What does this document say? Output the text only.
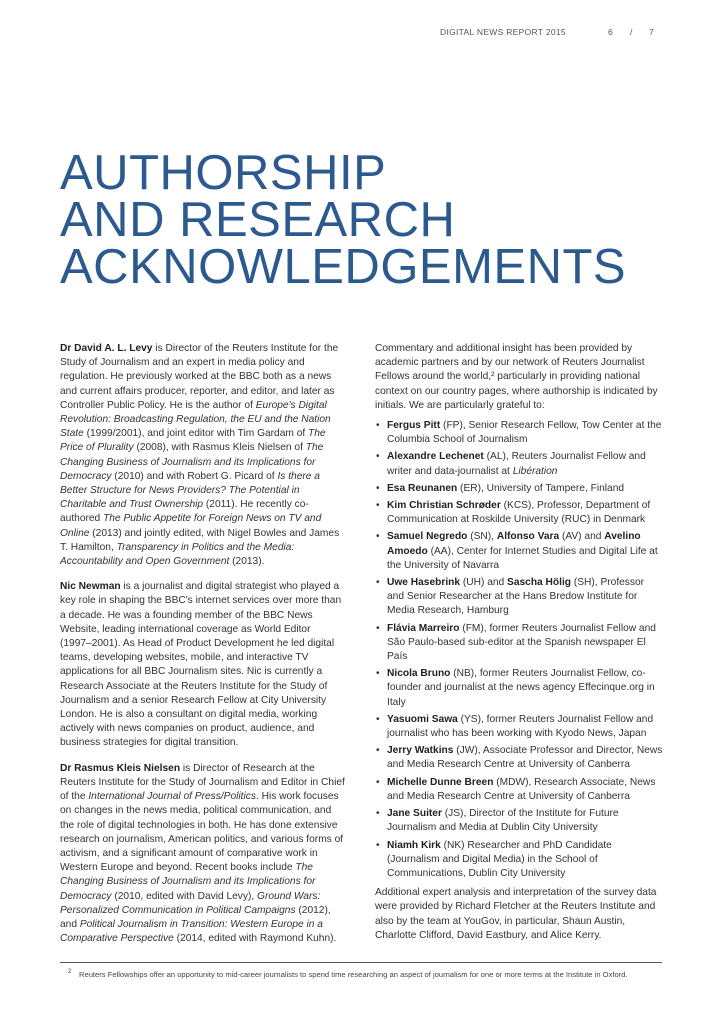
DIGITAL NEWS REPORT 2015	6 / 7
AUTHORSHIP
AND RESEARCH
ACKNOWLEDGEMENTS

Dr David A. L. Levy is Director of the Reuters Institute for the Study of Journalism and an expert in media policy and regulation. He previously worked at the BBC both as a news and current affairs producer, reporter, and editor, and later as Controller Public Policy. He is the author of Europe's Digital Revolution: Broadcasting Regulation, the EU and the Nation State (1999/2001), and joint editor with Tim Gardam of The Price of Plurality (2008), with Rasmus Kleis Nielsen of The Changing Business of Journalism and its Implications for Democracy (2010) and with Robert G. Picard of Is there a Better Structure for News Providers? The Potential in Charitable and Trust Ownership (2011). He recently co-authored The Public Appetite for Foreign News on TV and Online (2013) and jointly edited, with Nigel Bowles and James T. Hamilton, Transparency in Politics and the Media: Accountability and Open Government (2013).

Nic Newman is a journalist and digital strategist who played a key role in shaping the BBC's internet services over more than a decade. He was a founding member of the BBC News Website, leading international coverage as World Editor (1997–2001). As Head of Product Development he led digital teams, developing websites, mobile, and interactive TV applications for all BBC Journalism sites. Nic is currently a Research Associate at the Reuters Institute for the Study of Journalism and a senior Research Fellow at City University London. He is also a consultant on digital media, working actively with news companies on product, audience, and business strategies for digital transition.

Dr Rasmus Kleis Nielsen is Director of Research at the Reuters Institute for the Study of Journalism and Editor in Chief of the International Journal of Press/Politics. His work focuses on changes in the news media, political communication, and the role of digital technologies in both. He has done extensive research on journalism, American politics, and various forms of activism, and a significant amount of comparative work in Western Europe and beyond. Recent books include The Changing Business of Journalism and its Implications for Democracy (2010, edited with David Levy), Ground Wars: Personalized Communication in Political Campaigns (2012), and Political Journalism in Transition: Western Europe in a Comparative Perspective (2014, edited with Raymond Kuhn).

Commentary and additional insight has been provided by academic partners and by our network of Reuters Journalist Fellows around the world,² particularly in providing national context on our country pages, where authorship is indicated by initials. We are particularly grateful to:

• Fergus Pitt (FP), Senior Research Fellow, Tow Center at the Columbia School of Journalism
• Alexandre Lechenet (AL), Reuters Journalist Fellow and writer and data-journalist at Libération
• Esa Reunanen (ER), University of Tampere, Finland
• Kim Christian Schrøder (KCS), Professor, Department of Communication at Roskilde University (RUC) in Denmark
• Samuel Negredo (SN), Alfonso Vara (AV) and Avelino Amoedo (AA), Center for Internet Studies and Digital Life at the University of Navarra
• Uwe Hasebrink (UH) and Sascha Hölig (SH), Professor and Senior Researcher at the Hans Bredow Institute for Media Research, Hamburg
• Flávia Marreiro (FM), former Reuters Journalist Fellow and São Paulo-based sub-editor at the Spanish newspaper El País
• Nicola Bruno (NB), former Reuters Journalist Fellow, co-founder and journalist at the news agency Effecinque.org in Italy
• Yasuomi Sawa (YS), former Reuters Journalist Fellow and journalist who has been working with Kyodo News, Japan
• Jerry Watkins (JW), Associate Professor and Director, News and Media Research Centre at University of Canberra
• Michelle Dunne Breen (MDW), Research Associate, News and Media Research Centre at University of Canberra
• Jane Suiter (JS), Director of the Institute for Future Journalism and Media at Dublin City University
• Niamh Kirk (NK) Researcher and PhD Candidate (Journalism and Digital Media) in the School of Communications, Dublin City University

Additional expert analysis and interpretation of the survey data were provided by Richard Fletcher at the Reuters Institute and also by the team at YouGov, in particular, Shaun Austin, Charlotte Clifford, David Eastbury, and Alice Kerry.

2	Reuters Fellowships offer an opportunity to mid-career journalists to spend time researching an aspect of journalism for one or more terms at the Institute in Oxford.
